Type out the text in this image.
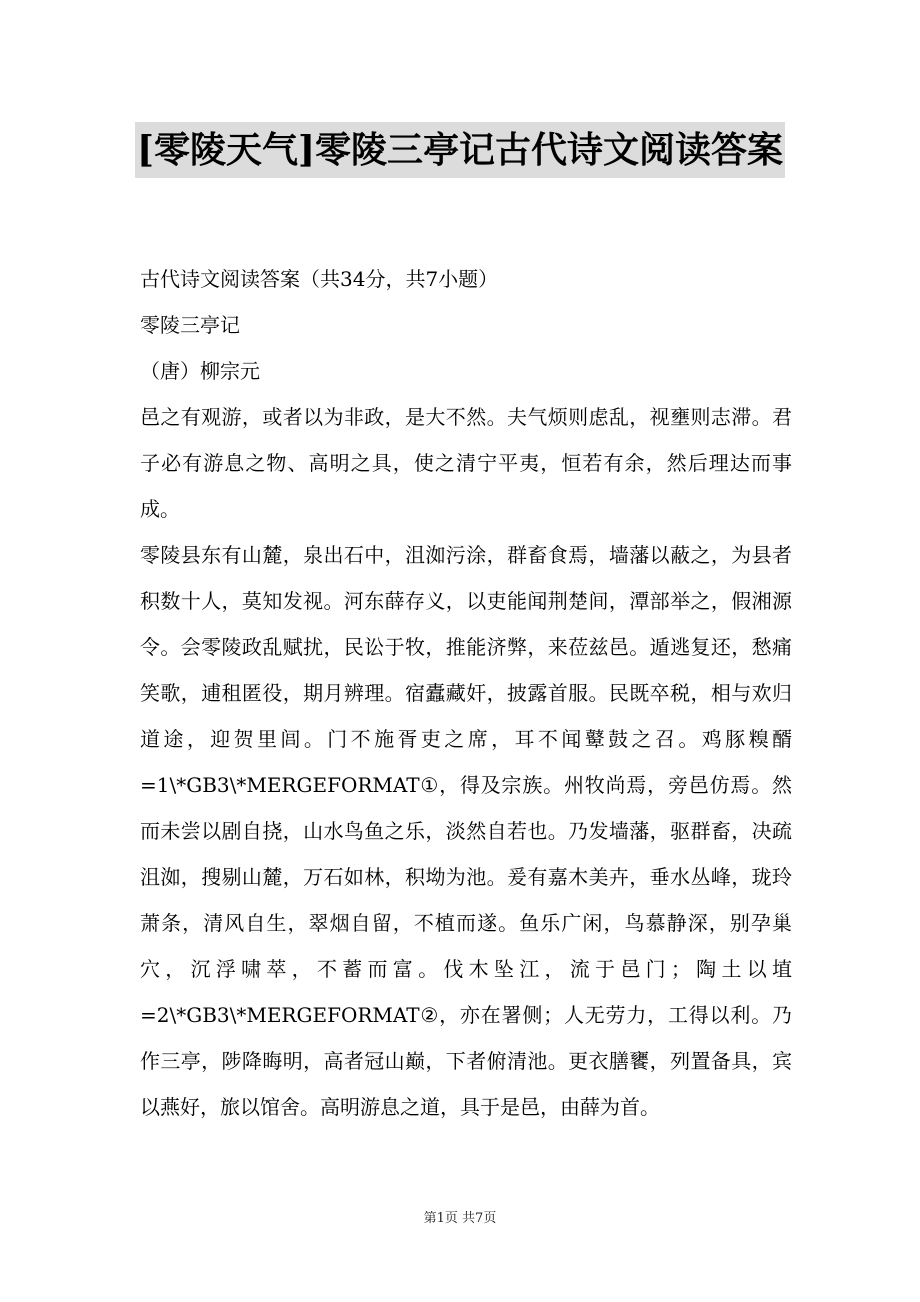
[零陵天气]零陵三亭记古代诗文阅读答案

古代诗文阅读答案（共34分，共7小题）

零陵三亭记

（唐）柳宗元

邑之有观游，或者以为非政，是大不然。夫气烦则虑乱，视壅则志滞。君子必有游息之物、高明之具，使之清宁平夷，恒若有余，然后理达而事成。

零陵县东有山麓，泉出石中，沮洳污涂，群畜食焉，墙藩以蔽之，为县者积数十人，莫知发视。河东薛存义，以吏能闻荆楚间，潭部举之，假湘源令。会零陵政乱赋扰，民讼于牧，推能济弊，来莅兹邑。遁逃复还，愁痛笑歌，逋租匿役，期月辨理。宿蠹藏奸，披露首服。民既卒税，相与欢归道途，迎贺里闾。门不施胥吏之席，耳不闻鼙鼓之召。鸡豚糗醑=1\*GB3\*MERGEFORMAT①，得及宗族。州牧尚焉，旁邑仿焉。然而未尝以剧自挠，山水鸟鱼之乐，淡然自若也。乃发墙藩，驱群畜，决疏沮洳，搜剔山麓，万石如林，积坳为池。爰有嘉木美卉，垂水丛峰，珑玲萧条，清风自生，翠烟自留，不植而遂。鱼乐广闲，鸟慕静深，别孕巢穴，沉浮啸萃，不蓄而富。伐木坠江，流于邑门；陶土以埴=2\*GB3\*MERGEFORMAT②，亦在署侧；人无劳力，工得以利。乃作三亭，陟降晦明，高者冠山巅，下者俯清池。更衣膳饔，列置备具，宾以燕好，旅以馆舍。高明游息之道，具于是邑，由薛为首。

第1页 共7页
